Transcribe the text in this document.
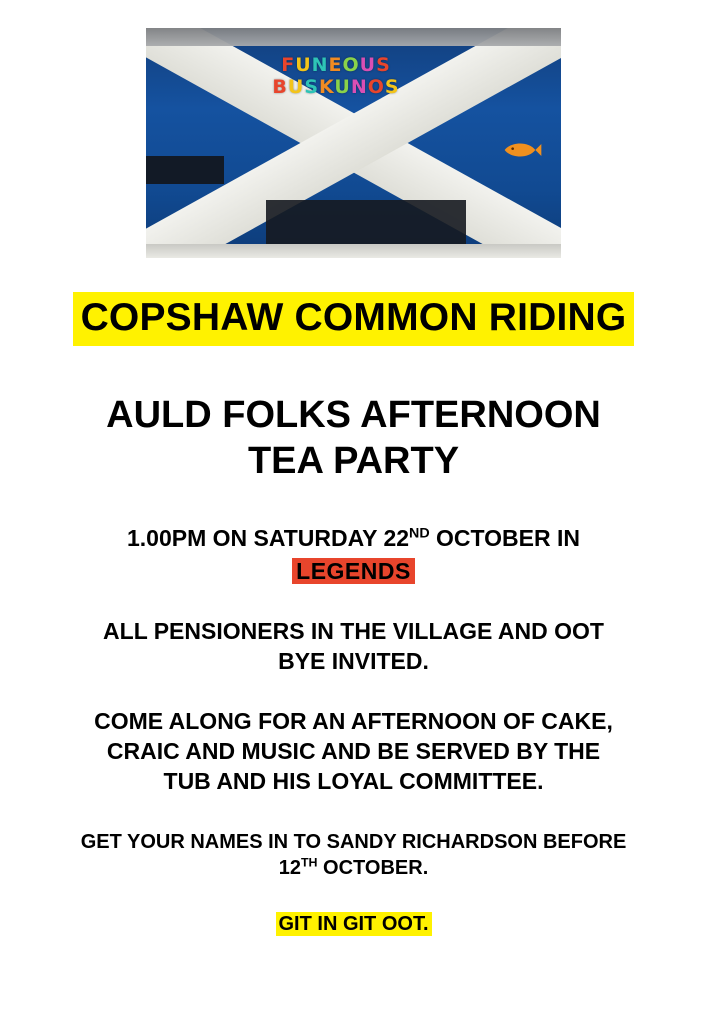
FUNEOUS
BUSKUNOS
COPSHAW COMMON RIDING
AULD FOLKS AFTERNOON
TEA PARTY
1.00PM ON SATURDAY 22ND OCTOBER IN
LEGENDS
ALL PENSIONERS IN THE VILLAGE AND OOT
BYE INVITED.
COME ALONG FOR AN AFTERNOON OF CAKE,
CRAIC AND MUSIC AND BE SERVED BY THE
TUB AND HIS LOYAL COMMITTEE.
GET YOUR NAMES IN TO SANDY RICHARDSON BEFORE
12TH OCTOBER.
GIT IN GIT OOT.
